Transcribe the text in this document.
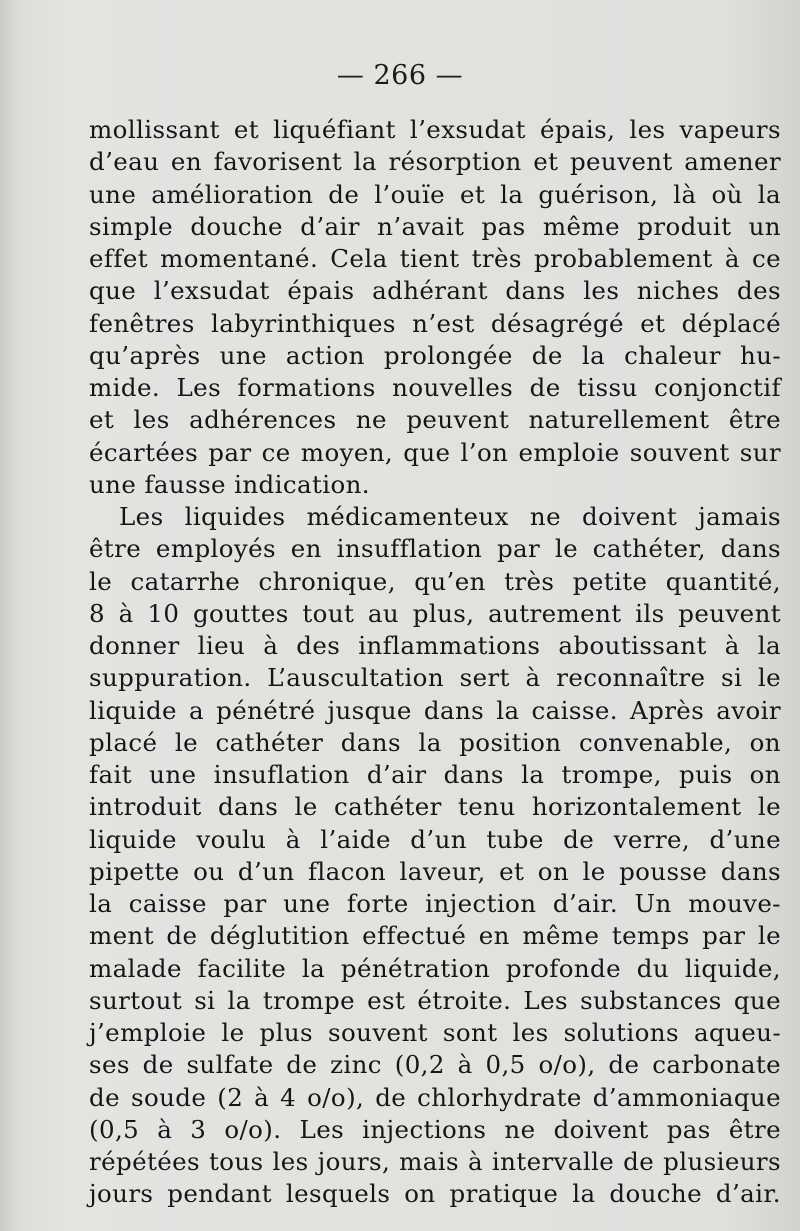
— 266 —
mollissant et liquéfiant l’exsudat épais, les vapeurs
d’eau en favorisent la résorption et peuvent amener
une amélioration de l’ouïe et la guérison, là où la
simple douche d’air n’avait pas même produit un
effet momentané. Cela tient très probablement à ce
que l’exsudat épais adhérant dans les niches des
fenêtres labyrinthiques n’est désagrégé et déplacé
qu’après une action prolongée de la chaleur hu-
mide. Les formations nouvelles de tissu conjonctif
et les adhérences ne peuvent naturellement être
écartées par ce moyen, que l’on emploie souvent sur
une fausse indication.
Les liquides médicamenteux ne doivent jamais
être employés en insufflation par le cathéter, dans
le catarrhe chronique, qu’en très petite quantité,
8 à 10 gouttes tout au plus, autrement ils peuvent
donner lieu à des inflammations aboutissant à la
suppuration. L’auscultation sert à reconnaître si le
liquide a pénétré jusque dans la caisse. Après avoir
placé le cathéter dans la position convenable, on
fait une insuflation d’air dans la trompe, puis on
introduit dans le cathéter tenu horizontalement le
liquide voulu à l’aide d’un tube de verre, d’une
pipette ou d’un flacon laveur, et on le pousse dans
la caisse par une forte injection d’air. Un mouve-
ment de déglutition effectué en même temps par le
malade facilite la pénétration profonde du liquide,
surtout si la trompe est étroite. Les substances que
j’emploie le plus souvent sont les solutions aqueu-
ses de sulfate de zinc (0,2 à 0,5 o/o), de carbonate
de soude (2 à 4 o/o), de chlorhydrate d’ammoniaque
(0,5 à 3 o/o). Les injections ne doivent pas être
répétées tous les jours, mais à intervalle de plusieurs
jours pendant lesquels on pratique la douche d’air.
